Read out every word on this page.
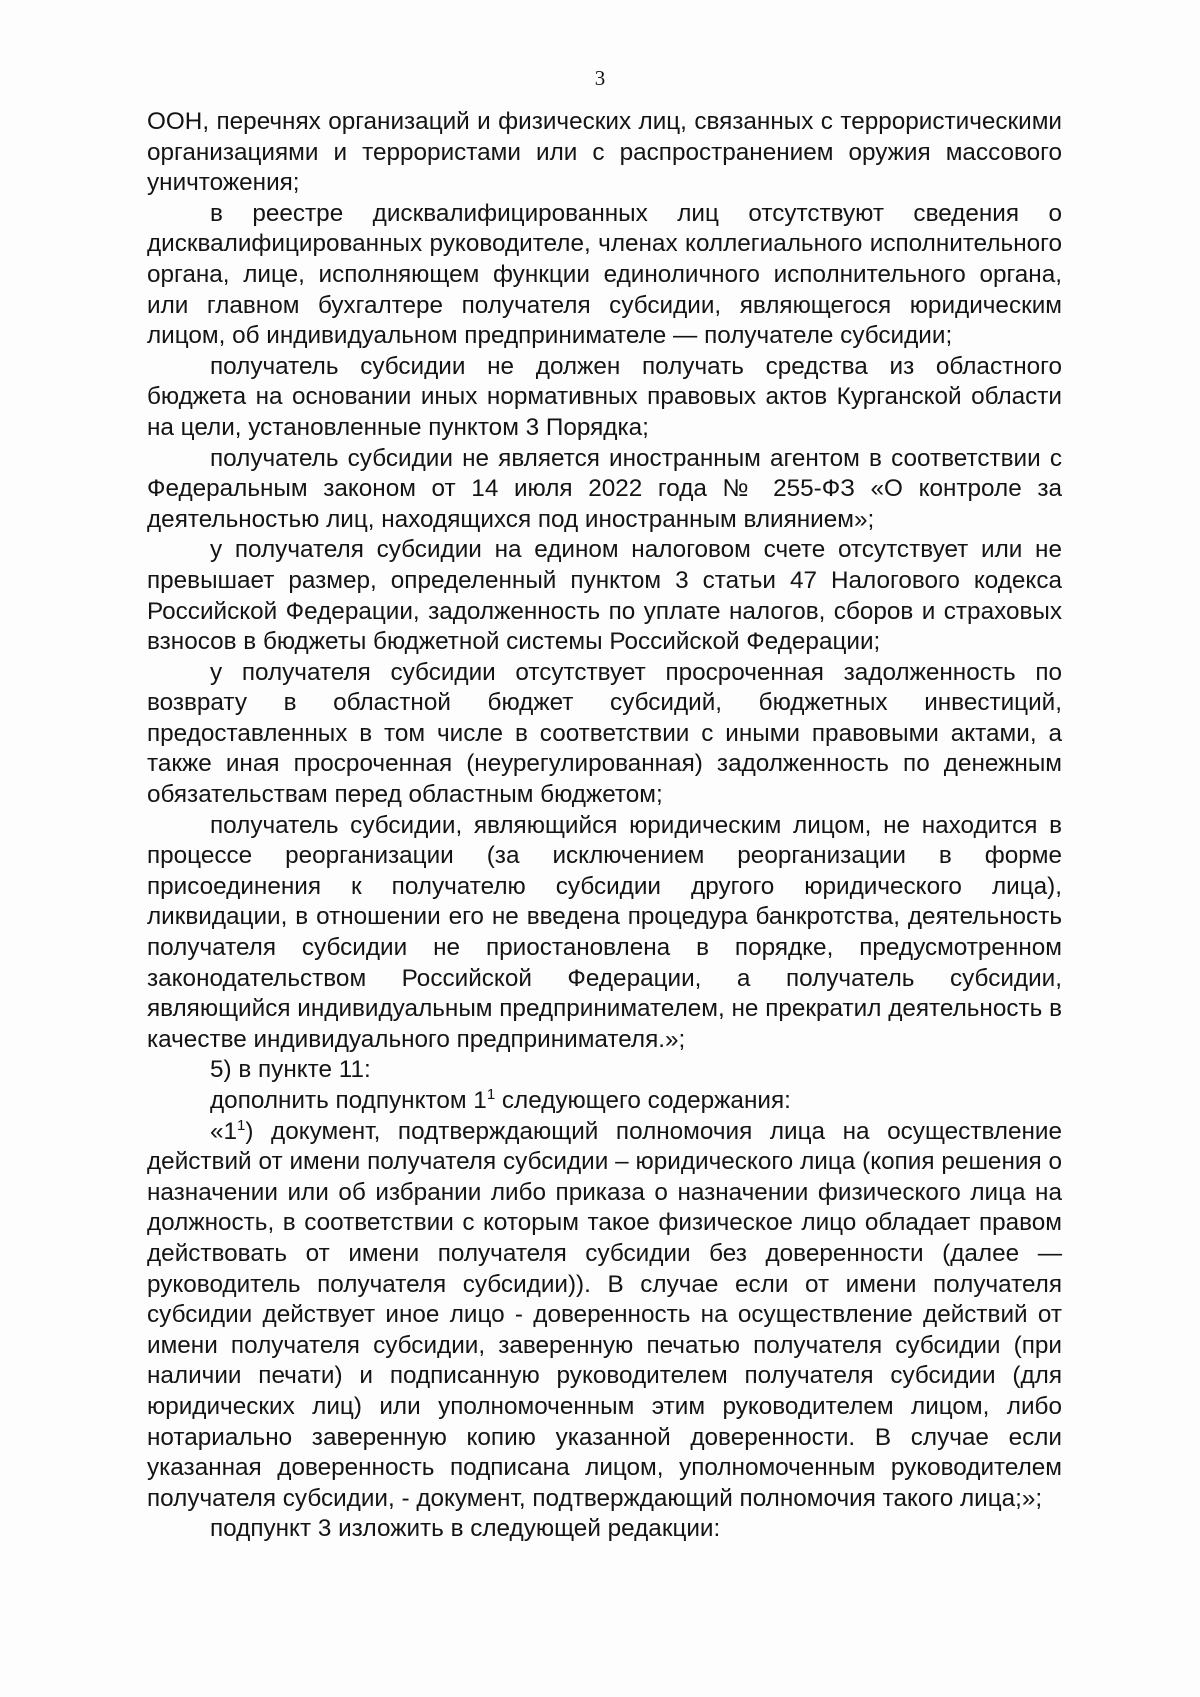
3

ООН, перечнях организаций и физических лиц, связанных с террористическими организациями и террористами или с распространением оружия массового уничтожения;

в реестре дисквалифицированных лиц отсутствуют сведения о дисквалифицированных руководителе, членах коллегиального исполнительного органа, лице, исполняющем функции единоличного исполнительного органа, или главном бухгалтере получателя субсидии, являющегося юридическим лицом, об индивидуальном предпринимателе — получателе субсидии;

получатель субсидии не должен получать средства из областного бюджета на основании иных нормативных правовых актов Курганской области на цели, установленные пунктом 3 Порядка;

получатель субсидии не является иностранным агентом в соответствии с Федеральным законом от 14 июля 2022 года № 255-ФЗ «О контроле за деятельностью лиц, находящихся под иностранным влиянием»;

у получателя субсидии на едином налоговом счете отсутствует или не превышает размер, определенный пунктом 3 статьи 47 Налогового кодекса Российской Федерации, задолженность по уплате налогов, сборов и страховых взносов в бюджеты бюджетной системы Российской Федерации;

у получателя субсидии отсутствует просроченная задолженность по возврату в областной бюджет субсидий, бюджетных инвестиций, предоставленных в том числе в соответствии с иными правовыми актами, а также иная просроченная (неурегулированная) задолженность по денежным обязательствам перед областным бюджетом;

получатель субсидии, являющийся юридическим лицом, не находится в процессе реорганизации (за исключением реорганизации в форме присоединения к получателю субсидии другого юридического лица), ликвидации, в отношении его не введена процедура банкротства, деятельность получателя субсидии не приостановлена в порядке, предусмотренном законодательством Российской Федерации, а получатель субсидии, являющийся индивидуальным предпринимателем, не прекратил деятельность в качестве индивидуального предпринимателя.»;

5) в пункте 11:

дополнить подпунктом $1^1$ следующего содержания:

«$1^1$) документ, подтверждающий полномочия лица на осуществление действий от имени получателя субсидии – юридического лица (копия решения о назначении или об избрании либо приказа о назначении физического лица на должность, в соответствии с которым такое физическое лицо обладает правом действовать от имени получателя субсидии без доверенности (далее — руководитель получателя субсидии)). В случае если от имени получателя субсидии действует иное лицо - доверенность на осуществление действий от имени получателя субсидии, заверенную печатью получателя субсидии (при наличии печати) и подписанную руководителем получателя субсидии (для юридических лиц) или уполномоченным этим руководителем лицом, либо нотариально заверенную копию указанной доверенности. В случае если указанная доверенность подписана лицом, уполномоченным руководителем получателя субсидии, - документ, подтверждающий полномочия такого лица;»;

подпункт 3 изложить в следующей редакции:
